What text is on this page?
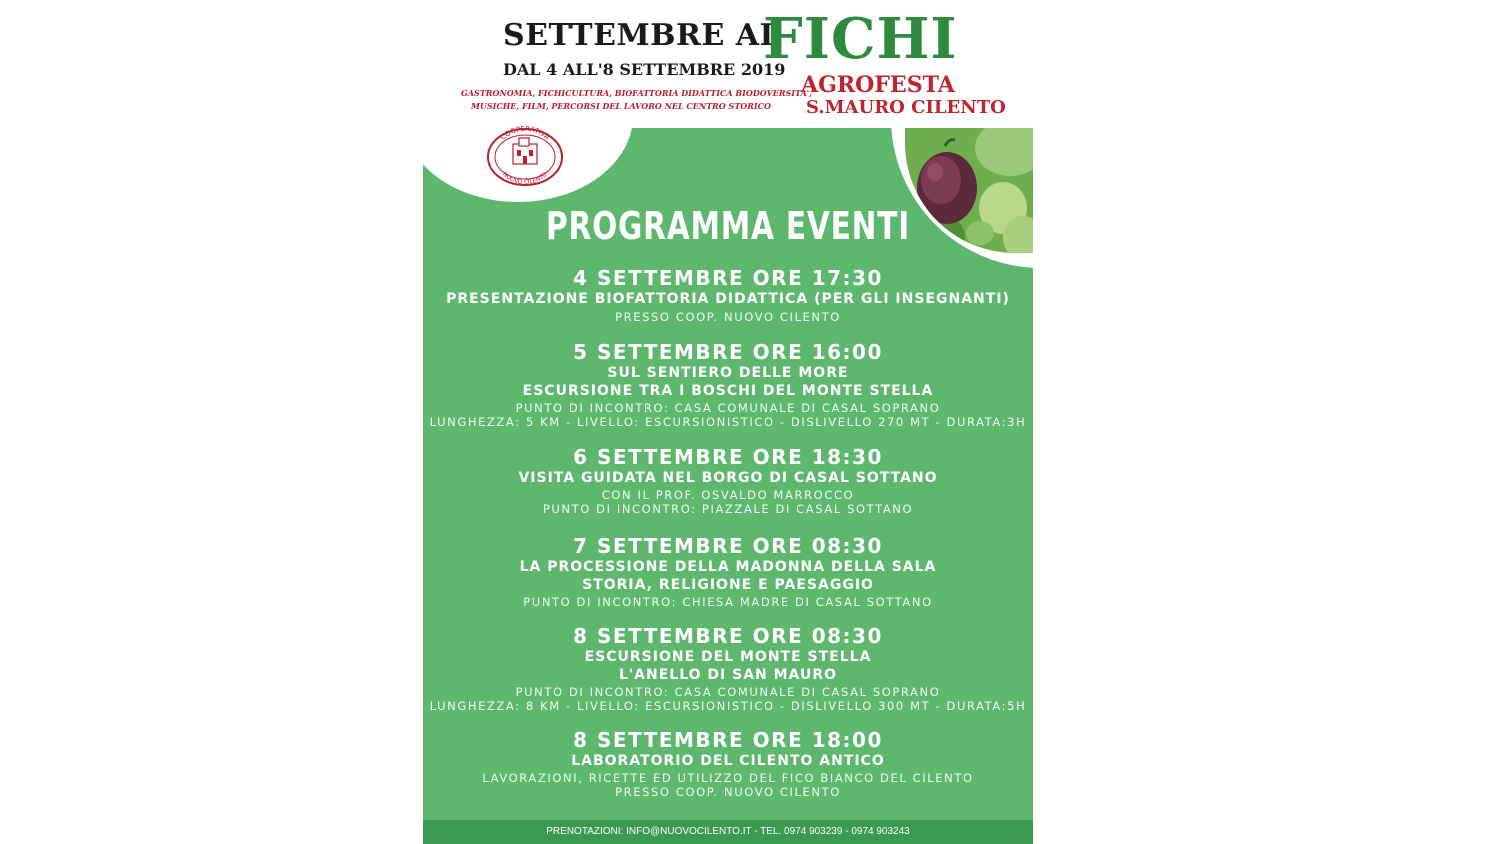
SETTEMBRE AI
FICHI
DAL 4 ALL'8 SETTEMBRE 2019
GASTRONOMIA, FICHICULTURA, BIOFATTORIA DIDATTICA BIODOVERSITA',
MUSICHE, FILM, PERCORSI DEL LAVORO NEL CENTRO STORICO
AGROFESTA
S.MAURO CILENTO
COOPERATIVA
NUOVO CILENTO
PROGRAMMA EVENTI
4 SETTEMBRE ORE 17:30
PRESENTAZIONE BIOFATTORIA DIDATTICA (PER GLI INSEGNANTI)
PRESSO COOP. NUOVO CILENTO
5 SETTEMBRE ORE 16:00
SUL SENTIERO DELLE MORE
ESCURSIONE TRA I BOSCHI DEL MONTE STELLA
PUNTO DI INCONTRO: CASA COMUNALE DI CASAL SOPRANO
LUNGHEZZA: 5 KM - LIVELLO: ESCURSIONISTICO - DISLIVELLO 270 MT - DURATA:3H
6 SETTEMBRE ORE 18:30
VISITA GUIDATA NEL BORGO DI CASAL SOTTANO
CON IL PROF. OSVALDO MARROCCO
PUNTO DI INCONTRO: PIAZZALE DI CASAL SOTTANO
7 SETTEMBRE ORE 08:30
LA PROCESSIONE DELLA MADONNA DELLA SALA
STORIA, RELIGIONE E PAESAGGIO
PUNTO DI INCONTRO: CHIESA MADRE DI CASAL SOTTANO
8 SETTEMBRE ORE 08:30
ESCURSIONE DEL MONTE STELLA
L'ANELLO DI SAN MAURO
PUNTO DI INCONTRO: CASA COMUNALE DI CASAL SOPRANO
LUNGHEZZA: 8 KM - LIVELLO: ESCURSIONISTICO - DISLIVELLO 300 MT - DURATA:5H
8 SETTEMBRE ORE 18:00
LABORATORIO DEL CILENTO ANTICO
LAVORAZIONI, RICETTE ED UTILIZZO DEL FICO BIANCO DEL CILENTO
PRESSO COOP. NUOVO CILENTO
PRENOTAZIONI: INFO@NUOVOCILENTO.IT - TEL. 0974 903239 - 0974 903243
